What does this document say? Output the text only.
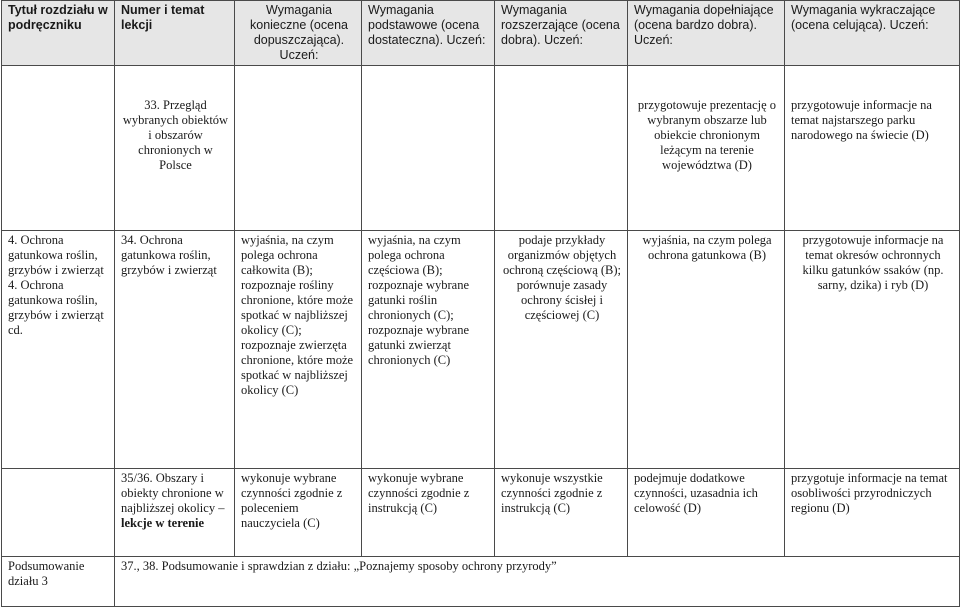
Tytuł rozdziału w podręczniku	Numer i temat lekcji	Wymagania konieczne (ocena dopuszczająca). Uczeń:	Wymagania podstawowe (ocena dostateczna). Uczeń:	Wymagania rozszerzające (ocena dobra). Uczeń:	Wymagania dopełniające (ocena bardzo dobra). Uczeń:	Wymagania wykraczające (ocena celująca). Uczeń:

	33. Przegląd wybranych obiektów i obszarów chronionych w Polsce				przygotowuje prezentację o wybranym obszarze lub obiekcie chronionym leżącym na terenie województwa (D)	przygotowuje informacje na temat najstarszego parku narodowego na świecie (D)

4. Ochrona gatunkowa roślin, grzybów i zwierząt 4. Ochrona gatunkowa roślin, grzybów i zwierząt cd.	34. Ochrona gatunkowa roślin, grzybów i zwierząt	wyjaśnia, na czym polega ochrona całkowita (B); rozpoznaje rośliny chronione, które może spotkać w najbliższej okolicy (C); rozpoznaje zwierzęta chronione, które może spotkać w najbliższej okolicy (C)	wyjaśnia, na czym polega ochrona częściowa (B); rozpoznaje wybrane gatunki roślin chronionych (C); rozpoznaje wybrane gatunki zwierząt chronionych (C)	podaje przykłady organizmów objętych ochroną częściową (B); porównuje zasady ochrony ścisłej i częściowej (C)	wyjaśnia, na czym polega ochrona gatunkowa (B)	przygotowuje informacje na temat okresów ochronnych kilku gatunków ssaków (np. sarny, dzika) i ryb (D)
	35/36. Obszary i obiekty chronione w najbliższej okolicy – lekcje w terenie	wykonuje wybrane czynności zgodnie z poleceniem nauczyciela (C)	wykonuje wybrane czynności zgodnie z instrukcją (C)	wykonuje wszystkie czynności zgodnie z instrukcją (C)	podejmuje dodatkowe czynności, uzasadnia ich celowość (D)	przygotuje informacje na temat osobliwości przyrodniczych regionu (D)
Podsumowanie działu 3	37., 38. Podsumowanie i sprawdzian z działu: „Poznajemy sposoby ochrony przyrody”					
